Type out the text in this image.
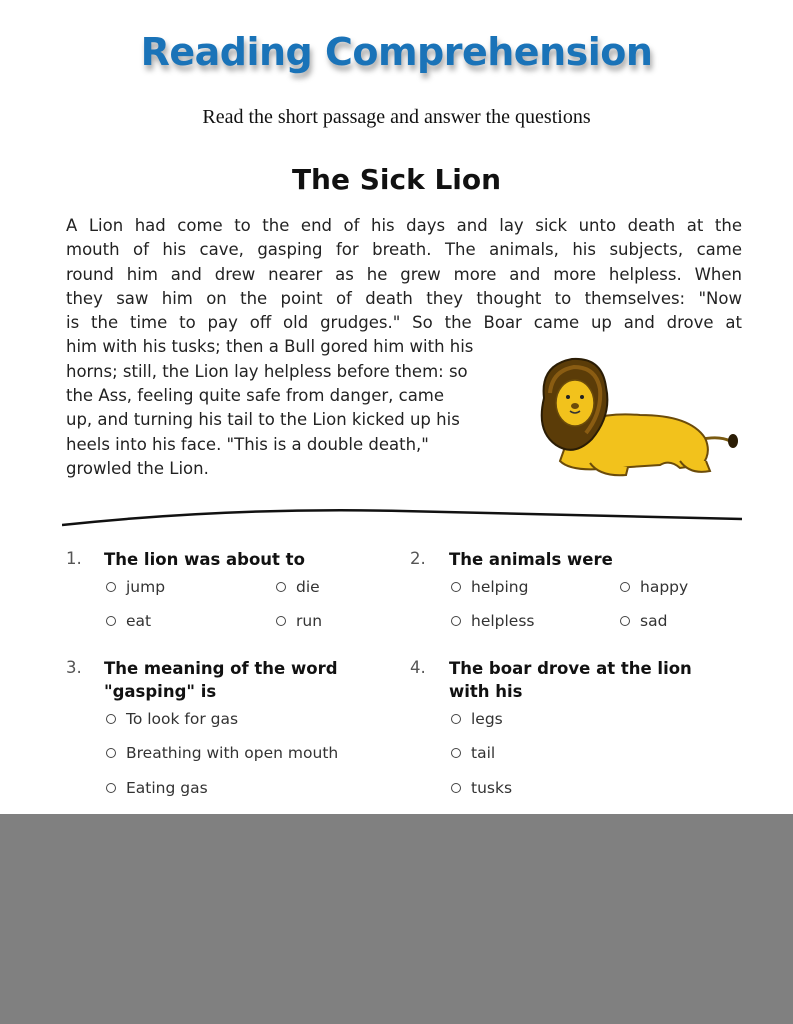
Reading Comprehension
Read the short passage and answer the questions
The Sick Lion
A Lion had come to the end of his days and lay sick unto death at the
mouth of his cave, gasping for breath. The animals, his subjects, came
round him and drew nearer as he grew more and more helpless. When
they saw him on the point of death they thought to themselves: "Now
is the time to pay off old grudges." So the Boar came up and drove at
him with his tusks; then a Bull gored him with his
horns; still, the Lion lay helpless before them: so
the Ass, feeling quite safe from danger, came
up, and turning his tail to the Lion kicked up his
heels into his face. "This is a double death,"
growled the Lion.
1. The lion was about to
jump	die
eat	run
2. The animals were
helping	happy
helpless	sad
3. The meaning of the word
"gasping" is
To look for gas
Breathing with open mouth
Eating gas
4. The boar drove at the lion
with his
legs
tail
tusks
